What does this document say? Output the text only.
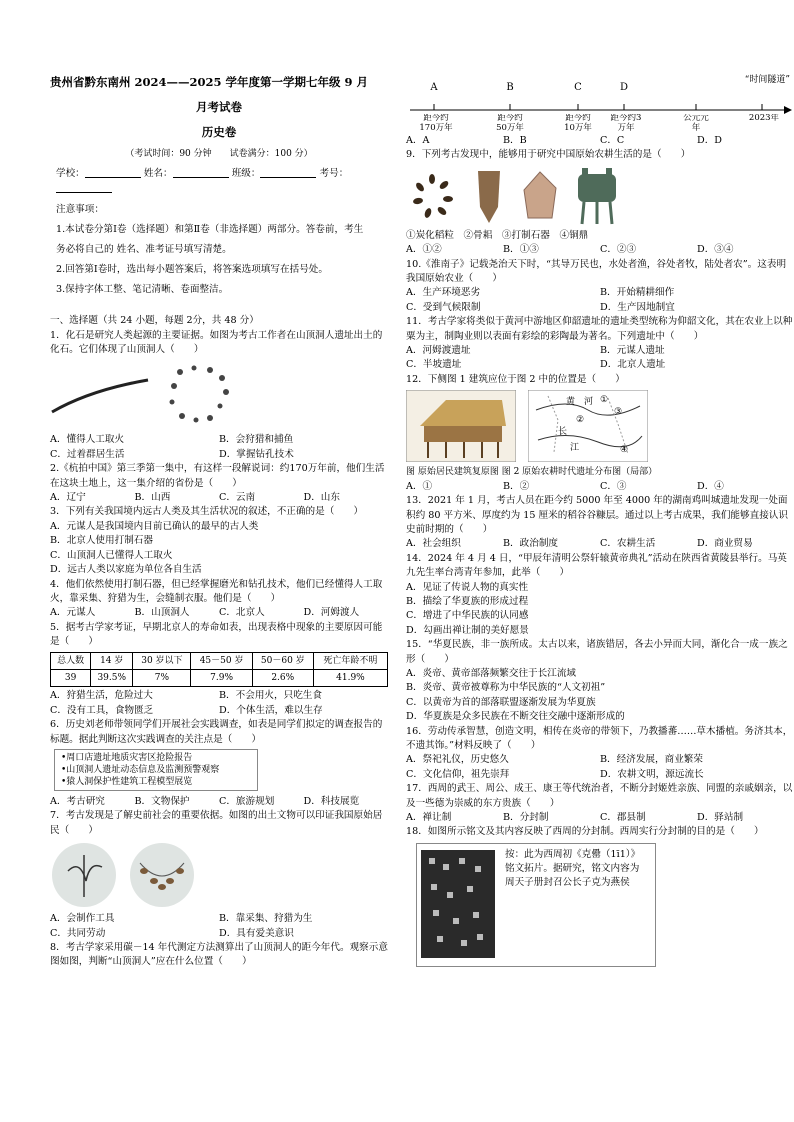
贵州省黔东南州 2024——2025 学年度第一学期七年级 9 月
月考试卷
历史卷
（考试时间：90 分钟　　试卷满分：100 分）
学校：	姓名：	班级：	考号：
注意事项：
1.本试卷分第Ⅰ卷（选择题）和第Ⅱ卷（非选择题）两部分。答卷前，考生
务必将自己的 姓名、准考证号填写清楚。
2.回答第Ⅰ卷时，选出每小题答案后，将答案选项填写在括号处。
3.保持字体工整、笔记清晰、卷面整洁。
一、选择题（共 24 小题，每题 2分，共 48 分）
1．化石是研究人类起源的主要证据。如图为考古工作者在山顶洞人遗址出土的化石。它们体现了山顶洞人（　　）
A．懂得人工取火	B．会狩猎和捕鱼
C．过着群居生活	D．掌握钻孔技术
2.《杭拍中国》第三季第一集中，有这样一段解说词：约170万年前，他们生活在这块土地上，这一集介绍的省份是（　　）
A．辽宁	B．山西	C．云南	D．山东
3．下列有关我国境内远古人类及其生活状况的叙述，不正确的是（　　）
A．元谋人是我国境内目前已确认的最早的古人类
B．北京人使用打制石器
C．山顶洞人已懂得人工取火
D．远古人类以家庭为单位各自生活
4．他们依然使用打制石器，但已经掌握磨光和钻孔技术，他们已经懂得人工取火，靠采集、狩猎为生，会缝制衣服。他们是（　　）
A．元谋人	B．山顶洞人	C．北京人	D．河姆渡人
5．据考古学家考证，早期北京人的寿命如表，出现表格中现象的主要原因可能是（　　）
总人数	14 岁	30 岁以下	45－50 岁	50－60 岁	死亡年龄不明
39	39.5%	7%	7.9%	2.6%	41.9%
A．狩猎生活，危险过大	B．不会用火，只吃生食
C．没有工具，食物匮乏	D．个体生活，难以生存
6．历史刘老师带领同学们开展社会实践调查，如表是同学们拟定的调查报告的标题。据此判断这次实践调查的关注点是（　　）
•周口店遗址地质灾害区抢险报告
•山顶洞人遗址动态信息及监测预警观察
•猿人洞保护性建筑工程模型展览
A．考古研究	B．文物保护	C．旅游规划	D．科技展览
7．考古发现是了解史前社会的重要依据。如图的出土文物可以印证我国原始居民（　　）
A．会制作工具	B．靠采集、狩猎为生
C．共同劳动	D．具有爱美意识
8．考古学家采用碳－14 年代测定方法测算出了山顶洞人的距今年代。观察示意图如图，判断“山顶洞人”应在什么位置（　　）
A	B	C	D
“时间隧道”
距今约170万年
距今约50万年
距今约10万年
距今约3万年
公元元年
2023年
A．A	B．B	C．C	D．D
9．下列考古发现中，能够用于研究中国原始农耕生活的是（　　）
①炭化稻粒　②骨耜　③打制石器　④铜鼎
A．①②	B．①③	C．②③	D．③④
10.《淮南子》记载尧治天下时，“其导万民也，水处者渔，谷处者牧，陆处者农”。这表明我国原始农业（　　）
A．生产环境恶劣	B．开始精耕细作
C．受到气候限制	D．生产因地制宜
11．考古学家将类似于黄河中游地区仰韶遗址的遗址类型统称为仰韶文化，其在农业上以种粟为主，制陶业则以表面有彩绘的彩陶最为著名。下列遗址中（　　）
A．河姆渡遗址	B．元谋人遗址
C．半坡遗址	D．北京人遗址
12．下侧图 1 建筑应位于图 2 中的位置是（　　）
黄 河
长
江
①
②
③
④
图 原始居民建筑复原图 图 2 原始农耕时代遗址分布图（局部）
A．①	B．②	C．③	D．④
13．2021 年 1 月，考古人员在距今约 5000 年至 4000 年的湖南鸡叫城遗址发现一处面积约 80 平方米、厚度约为 15 厘米的稻谷谷糠层。通过以上考古成果，我们能够直接认识史前时期的（　　）
A．社会组织	B．政治制度	C．农耕生活	D．商业贸易
14．2024 年 4 月 4 日，“甲辰年清明公祭轩辕黄帝典礼”活动在陕西省黄陵县举行。马英九先生率台湾青年参加，此举（　　）
A．见证了传说人物的真实性
B．描绘了华夏族的形成过程
C．增进了中华民族的认同感
D．勾画出禅让制的美好愿景
15．“华夏民族，非一族所成。太古以来，诸族错居，各去小异而大同，渐化合一成一族之形（　　）
A．炎帝、黄帝部落频繁交往于长江流域
B．炎帝、黄帝被尊称为中华民族的“人文初祖”
C．以黄帝为首的部落联盟逐渐发展为华夏族
D．华夏族是众多民族在不断交往交融中逐渐形成的
16．劳动传承智慧，创造文明，相传在炎帝的带领下，乃教播蕃……草木播植。务济其本，不遗其饰。”材料反映了（　　）
A．祭祀礼仪，历史悠久	B．经济发展，商业繁荣
C．文化信仰，祖先崇拜	D．农耕文明，源远流长
17．西周的武王、周公、成王、康王等代统治者，不断分封姬姓亲族、同盟的亲戚姻亲，以及一些德为崇威的东方贵族（　　）
A．禅让制	B．分封制	C．郡县制	D．驿站制
18．如图所示铭文及其内容反映了西周的分封制。西周实行分封制的目的是（　　）
按：此为西周初《克罍（1ī1）》铭文拓片。据研究，铭文内容为周天子册封召公长子克为燕侯
